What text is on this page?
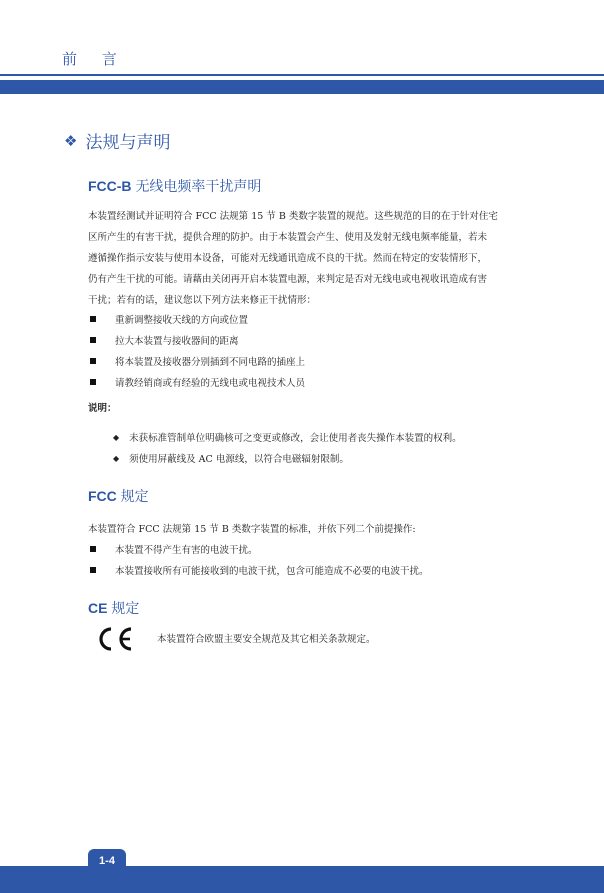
前 言
❖ 法规与声明
FCC-B 无线电频率干扰声明
本装置经测试并证明符合 FCC 法规第 15 节 B 类数字装置的规范。这些规范的目的在于针对住宅
区所产生的有害干扰，提供合理的防护。由于本装置会产生、使用及发射无线电频率能量，若未
遵循操作指示安装与使用本设备，可能对无线通讯造成不良的干扰。然而在特定的安装情形下，
仍有产生干扰的可能。请藉由关闭再开启本装置电源，来判定是否对无线电或电视收讯造成有害
干扰；若有的话，建议您以下列方法来修正干扰情形：
重新调整接收天线的方向或位置
拉大本装置与接收器间的距离
将本装置及接收器分别插到不同电路的插座上
请教经销商或有经验的无线电或电视技术人员
说明：
◆ 未获标准管制单位明确核可之变更或修改，会让使用者丧失操作本装置的权利。
◆ 须使用屏蔽线及 AC 电源线，以符合电磁辐射限制。
FCC 规定
本装置符合 FCC 法规第 15 节 B 类数字装置的标准，并依下列二个前提操作:
本装置不得产生有害的电波干扰。
本装置接收所有可能接收到的电波干扰，包含可能造成不必要的电波干扰。
CE 规定
本装置符合欧盟主要安全规范及其它相关条款规定。
1-4
